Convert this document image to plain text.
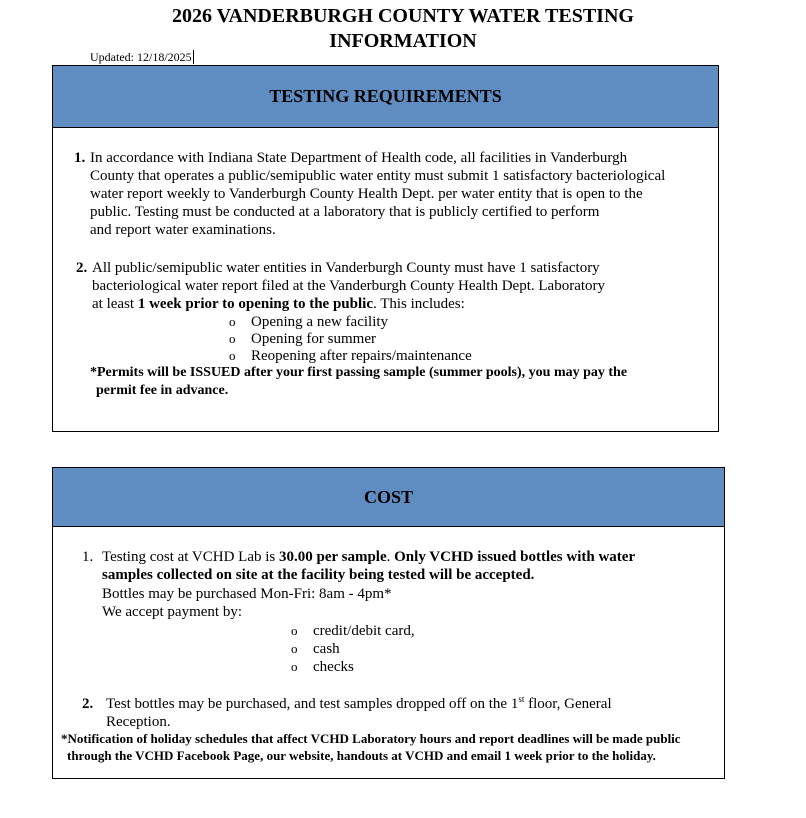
2026 VANDERBURGH COUNTY WATER TESTING
INFORMATION
Updated: 12/18/2025
TESTING REQUIREMENTS
1. In accordance with Indiana State Department of Health code, all facilities in Vanderburgh
County that operates a public/semipublic water entity must submit 1 satisfactory bacteriological
water report weekly to Vanderburgh County Health Dept. per water entity that is open to the
public. Testing must be conducted at a laboratory that is publicly certified to perform
and report water examinations.
2. All public/semipublic water entities in Vanderburgh County must have 1 satisfactory
bacteriological water report filed at the Vanderburgh County Health Dept. Laboratory
at least 1 week prior to opening to the public. This includes:
o Opening a new facility
o Opening for summer
o Reopening after repairs/maintenance
*Permits will be ISSUED after your first passing sample (summer pools), you may pay the
permit fee in advance.
COST
1. Testing cost at VCHD Lab is 30.00 per sample. Only VCHD issued bottles with water
samples collected on site at the facility being tested will be accepted.
Bottles may be purchased Mon-Fri: 8am - 4pm*
We accept payment by:
o credit/debit card,
o cash
o checks
2. Test bottles may be purchased, and test samples dropped off on the 1st floor, General
Reception.
*Notification of holiday schedules that affect VCHD Laboratory hours and report deadlines will be made public
through the VCHD Facebook Page, our website, handouts at VCHD and email 1 week prior to the holiday.
